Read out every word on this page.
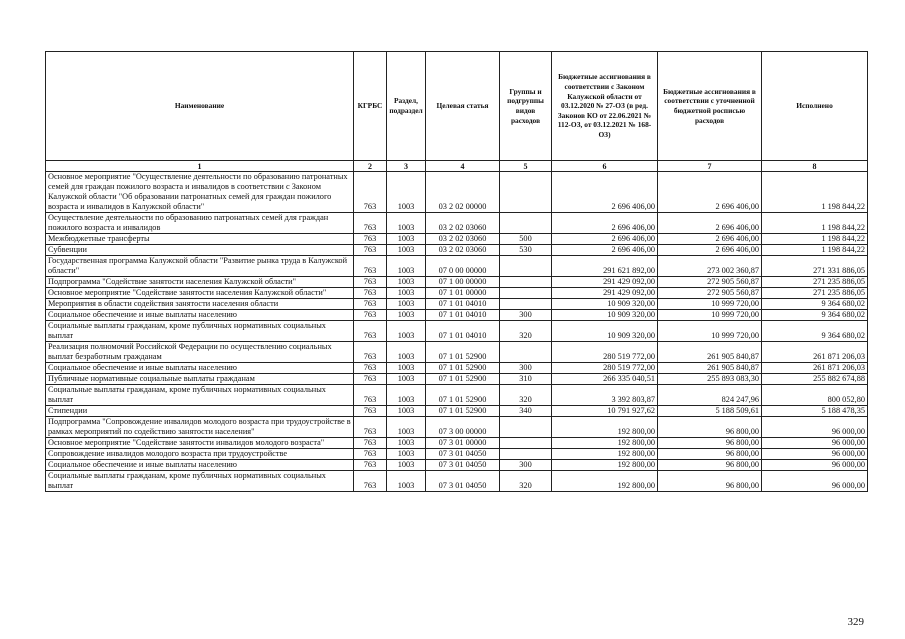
Наименование	КГРБС	Раздел, подраздел	Целевая статья	Группы и подгруппы видов расходов	Бюджетные ассигнования в соответствии с Законом Калужской области от 03.12.2020 № 27-ОЗ (в ред. Законов КО от 22.06.2021 № 112-ОЗ, от 03.12.2021 № 168-ОЗ)	Бюджетные ассигнования в соответствии с уточненной бюджетной росписью расходов	Исполнено
1	2	3	4	5	6	7	8
Основное мероприятие "Осуществление деятельности по образованию патронатных семей для граждан пожилого возраста и инвалидов в соответствии с Законом Калужской области "Об образовании патронатных семей для граждан пожилого возраста и инвалидов в Калужской области"	763	1003	03 2 02 00000		2 696 406,00	2 696 406,00	1 198 844,22
Осуществление деятельности по образованию патронатных семей для граждан пожилого возраста и инвалидов	763	1003	03 2 02 03060		2 696 406,00	2 696 406,00	1 198 844,22
Межбюджетные трансферты	763	1003	03 2 02 03060	500	2 696 406,00	2 696 406,00	1 198 844,22
Субвенции	763	1003	03 2 02 03060	530	2 696 406,00	2 696 406,00	1 198 844,22
Государственная программа Калужской области "Развитие рынка труда в Калужской области"	763	1003	07 0 00 00000		291 621 892,00	273 002 360,87	271 331 886,05
Подпрограмма "Содействие занятости населения Калужской области"	763	1003	07 1 00 00000		291 429 092,00	272 905 560,87	271 235 886,05
Основное мероприятие "Содействие занятости населения Калужской области"	763	1003	07 1 01 00000		291 429 092,00	272 905 560,87	271 235 886,05
Мероприятия в области содействия занятости населения области	763	1003	07 1 01 04010		10 909 320,00	10 999 720,00	9 364 680,02
Социальное обеспечение и иные выплаты населению	763	1003	07 1 01 04010	300	10 909 320,00	10 999 720,00	9 364 680,02
Социальные выплаты гражданам, кроме публичных нормативных социальных выплат	763	1003	07 1 01 04010	320	10 909 320,00	10 999 720,00	9 364 680,02
Реализация полномочий Российской Федерации по осуществлению социальных выплат безработным гражданам	763	1003	07 1 01 52900		280 519 772,00	261 905 840,87	261 871 206,03
Социальное обеспечение и иные выплаты населению	763	1003	07 1 01 52900	300	280 519 772,00	261 905 840,87	261 871 206,03
Публичные нормативные социальные выплаты гражданам	763	1003	07 1 01 52900	310	266 335 040,51	255 893 083,30	255 882 674,88
Социальные выплаты гражданам, кроме публичных нормативных социальных выплат	763	1003	07 1 01 52900	320	3 392 803,87	824 247,96	800 052,80
Стипендии	763	1003	07 1 01 52900	340	10 791 927,62	5 188 509,61	5 188 478,35
Подпрограмма "Сопровождение инвалидов молодого возраста при трудоустройстве в рамках мероприятий по содействию занятости населения"	763	1003	07 3 00 00000		192 800,00	96 800,00	96 000,00
Основное мероприятие "Содействие занятости инвалидов молодого возраста"	763	1003	07 3 01 00000		192 800,00	96 800,00	96 000,00
Сопровождение инвалидов молодого возраста при трудоустройстве	763	1003	07 3 01 04050		192 800,00	96 800,00	96 000,00
Социальное обеспечение и иные выплаты населению	763	1003	07 3 01 04050	300	192 800,00	96 800,00	96 000,00
Социальные выплаты гражданам, кроме публичных нормативных социальных выплат	763	1003	07 3 01 04050	320	192 800,00	96 800,00	96 000,00
329
